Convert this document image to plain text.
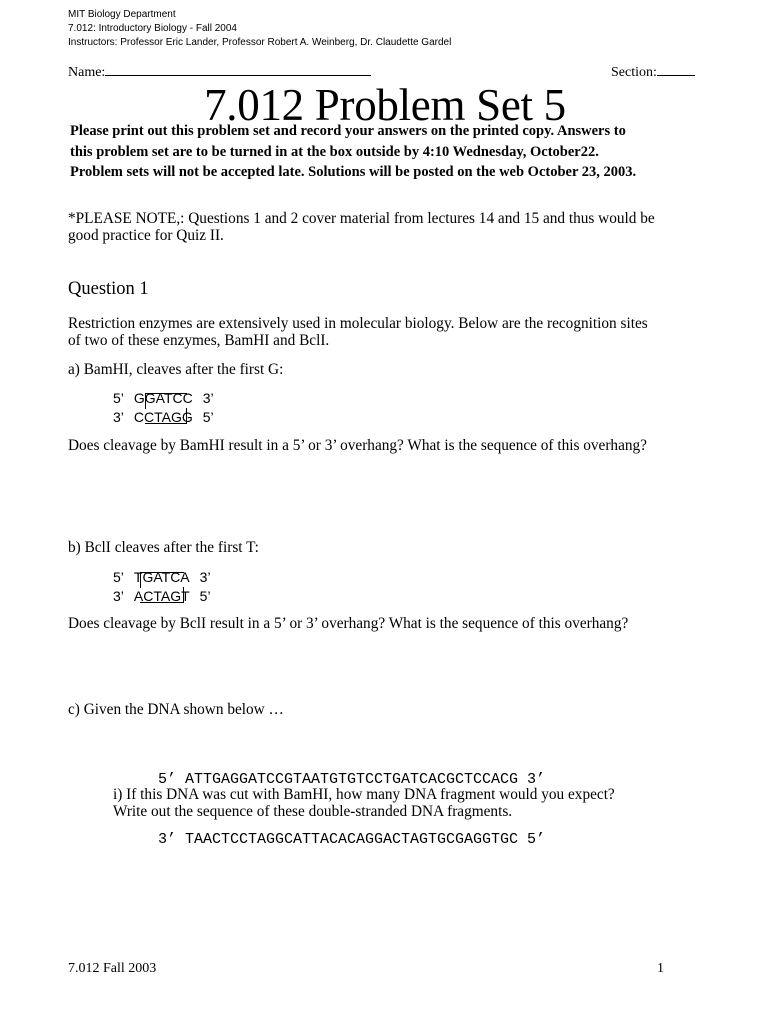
MIT Biology Department
7.012: Introductory Biology - Fall 2004
Instructors: Professor Eric Lander, Professor Robert A. Weinberg, Dr. Claudette Gardel
Name:	Section:
7.012 Problem Set 5
Please print out this problem set and record your answers on the printed copy. Answers to
this problem set are to be turned in at the box outside by 4:10 Wednesday, October22.
Problem sets will not be accepted late. Solutions will be posted on the web October 23, 2003.
*PLEASE NOTE,: Questions 1 and 2 cover material from lectures 14 and 15 and thus would be
good practice for Quiz II.
Question 1
Restriction enzymes are extensively used in molecular biology. Below are the recognition sites
of two of these enzymes, BamHI and BclI.
a) BamHI, cleaves after the first G:
5’ GGATCC 3’
3’ CCTAGG 5’
Does cleavage by BamHI result in a 5’ or 3’ overhang? What is the sequence of this overhang?
b) BclI cleaves after the first T:
5’ TGATCA 3’
3’ ACTAGT 5’
Does cleavage by BclI result in a 5’ or 3’ overhang? What is the sequence of this overhang?
c) Given the DNA shown below …

5’ ATTGAGGATCCGTAATGTGTCCTGATCACGCTCCACG 3’

3’ TAACTCCTAGGCATTACACAGGACTAGTGCGAGGTGC 5’

i) If this DNA was cut with BamHI, how many DNA fragment would you expect?
Write out the sequence of these double-stranded DNA fragments.
7.012 Fall 2003	1
